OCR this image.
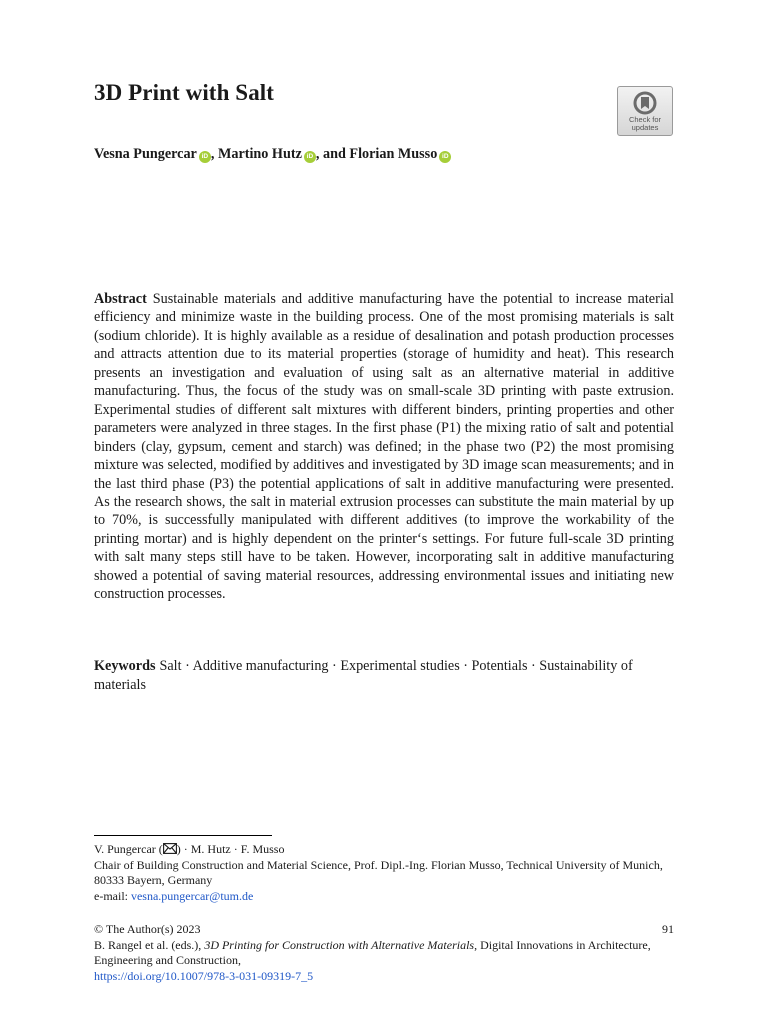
3D Print with Salt
Check for
updates
Vesna Pungercar iD , Martino Hutz iD , and Florian Musso iD

Abstract Sustainable materials and additive manufacturing have the potential to increase material efficiency and minimize waste in the building process. One of the most promising materials is salt (sodium chloride). It is highly available as a residue of desalination and potash production processes and attracts attention due to its material properties (storage of humidity and heat). This research presents an investigation and evaluation of using salt as an alternative material in additive manufacturing. Thus, the focus of the study was on small-scale 3D printing with paste extrusion. Experimental studies of different salt mixtures with different binders, printing properties and other parameters were analyzed in three stages. In the first phase (P1) the mixing ratio of salt and potential binders (clay, gypsum, cement and starch) was defined; in the phase two (P2) the most promising mixture was selected, modified by additives and investigated by 3D image scan measurements; and in the last third phase (P3) the potential applications of salt in additive manufacturing were presented. As the research shows, the salt in material extrusion processes can substitute the main material by up to 70%, is successfully manipulated with different additives (to improve the workability of the printing mortar) and is highly dependent on the printer‘s settings. For future full-scale 3D printing with salt many steps still have to be taken. However, incorporating salt in additive manufacturing showed a potential of saving material resources, addressing environmental issues and initiating new construction processes.

Keywords Salt · Additive manufacturing · Experimental studies · Potentials · Sustainability of materials

V. Pungercar ( ) · M. Hutz · F. Musso
Chair of Building Construction and Material Science, Prof. Dipl.-Ing. Florian Musso, Technical University of Munich, 80333 Bayern, Germany
e-mail: vesna.pungercar@tum.de
© The Author(s) 2023	91
B. Rangel et al. (eds.), 3D Printing for Construction with Alternative Materials, Digital Innovations in Architecture, Engineering and Construction,
https://doi.org/10.1007/978-3-031-09319-7_5
